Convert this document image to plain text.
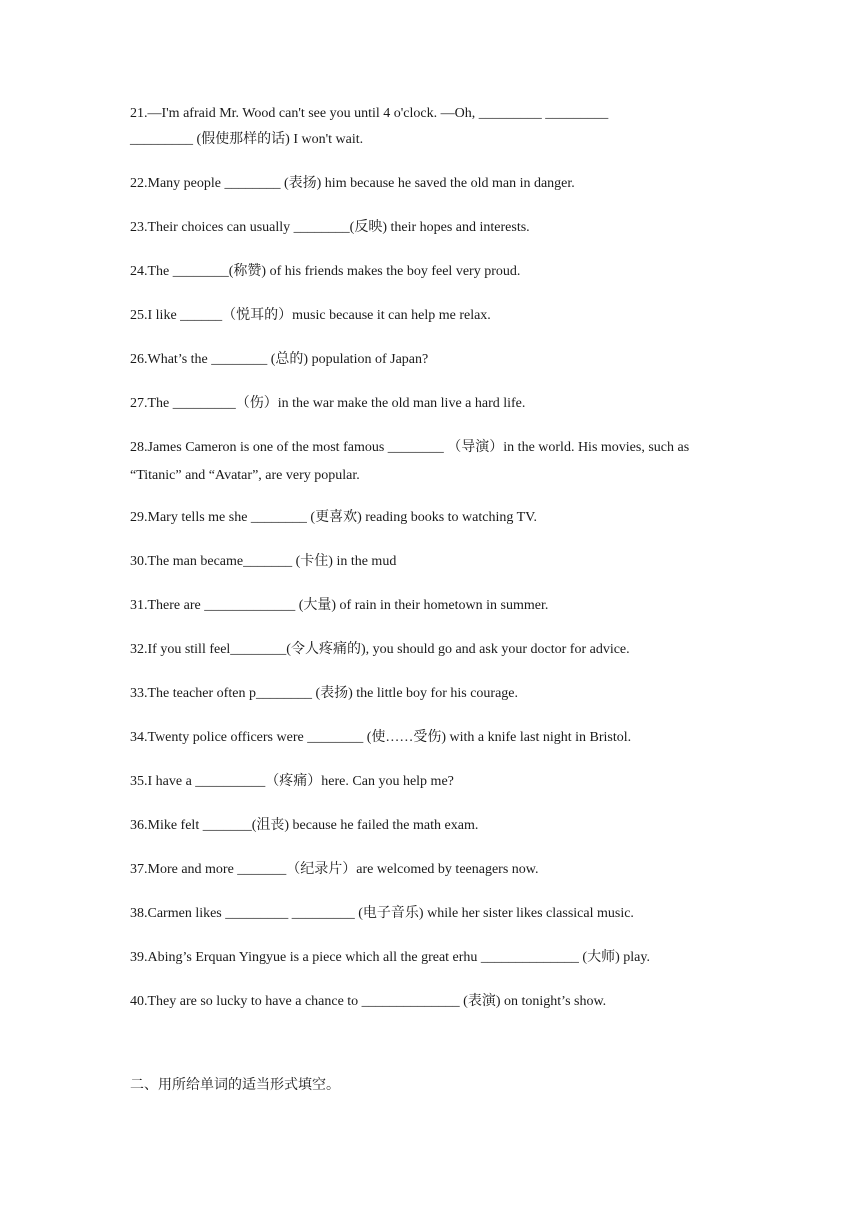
21.—I'm afraid Mr. Wood can't see you until 4 o'clock. —Oh, _________ _________
_________ (假使那样的话) I won't wait.
22.Many people ________ (表扬) him because he saved the old man in danger.
23.Their choices can usually ________(反映) their hopes and interests.
24.The ________(称赞) of his friends makes the boy feel very proud.
25.I like ______（悦耳的）music because it can help me relax.
26.What’s the ________ (总的) population of Japan?
27.The _________（伤）in the war make the old man live a hard life.
28.James Cameron is one of the most famous ________ （导演）in the world. His movies, such as
“Titanic” and “Avatar”, are very popular.
29.Mary tells me she ________ (更喜欢) reading books to watching TV.
30.The man became_______ (卡住) in the mud
31.There are _____________ (大量) of rain in their hometown in summer.
32.If you still feel________(令人疼痛的), you should go and ask your doctor for advice.
33.The teacher often p________ (表扬) the little boy for his courage.
34.Twenty police officers were ________ (使……受伤) with a knife last night in Bristol.
35.I have a __________（疼痛）here. Can you help me?
36.Mike felt _______(沮丧) because he failed the math exam.
37.More and more _______（纪录片）are welcomed by teenagers now.
38.Carmen likes _________ _________ (电子音乐) while her sister likes classical music.
39.Abing’s Erquan Yingyue is a piece which all the great erhu ______________ (大师) play.
40.They are so lucky to have a chance to ______________ (表演) on tonight’s show.
二、用所给单词的适当形式填空。
